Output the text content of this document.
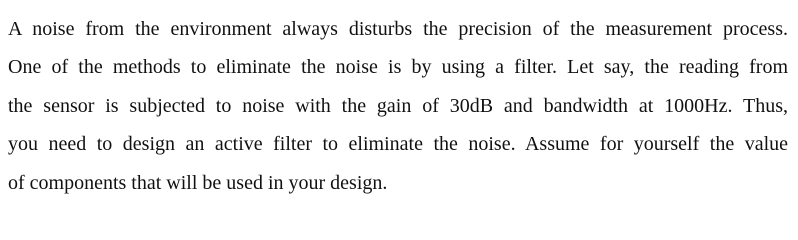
A noise from the environment always disturbs the precision of the measurement process.
One of the methods to eliminate the noise is by using a filter. Let say, the reading from
the sensor is subjected to noise with the gain of 30dB and bandwidth at 1000Hz. Thus,
you need to design an active filter to eliminate the noise. Assume for yourself the value
of components that will be used in your design.
